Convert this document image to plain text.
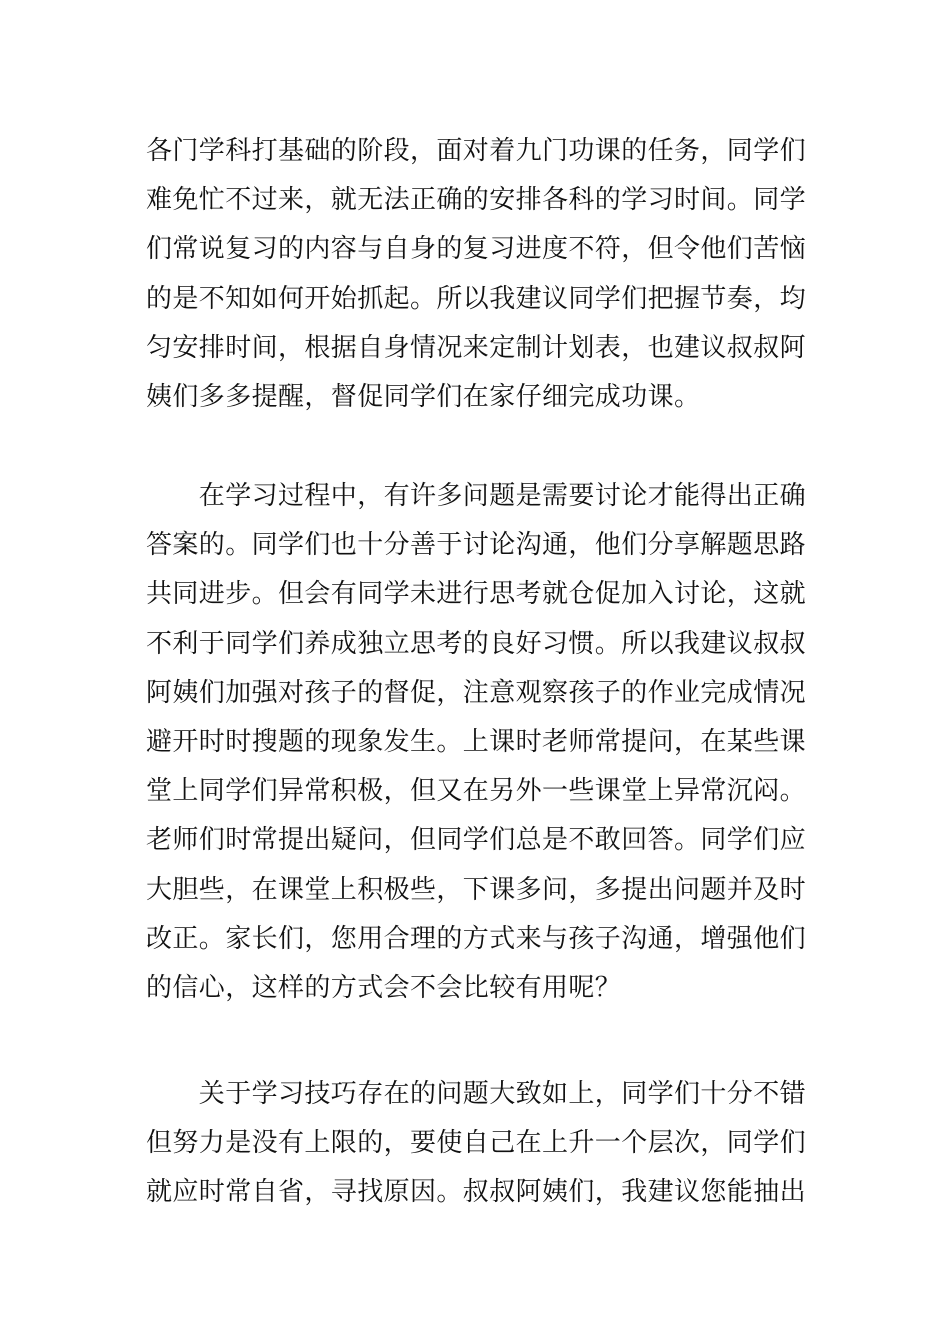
各门学科打基础的阶段，面对着九门功课的任务，同学们
难免忙不过来，就无法正确的安排各科的学习时间。同学
们常说复习的内容与自身的复习进度不符，但令他们苦恼
的是不知如何开始抓起。所以我建议同学们把握节奏，均
匀安排时间，根据自身情况来定制计划表，也建议叔叔阿
姨们多多提醒，督促同学们在家仔细完成功课。
　　在学习过程中，有许多问题是需要讨论才能得出正确
答案的。同学们也十分善于讨论沟通，他们分享解题思路
共同进步。但会有同学未进行思考就仓促加入讨论，这就
不利于同学们养成独立思考的良好习惯。所以我建议叔叔
阿姨们加强对孩子的督促，注意观察孩子的作业完成情况
避开时时搜题的现象发生。上课时老师常提问，在某些课
堂上同学们异常积极，但又在另外一些课堂上异常沉闷。
老师们时常提出疑问，但同学们总是不敢回答。同学们应
大胆些，在课堂上积极些，下课多问，多提出问题并及时
改正。家长们，您用合理的方式来与孩子沟通，增强他们
的信心，这样的方式会不会比较有用呢？
　　关于学习技巧存在的问题大致如上，同学们十分不错
但努力是没有上限的，要使自己在上升一个层次，同学们
就应时常自省，寻找原因。叔叔阿姨们，我建议您能抽出
